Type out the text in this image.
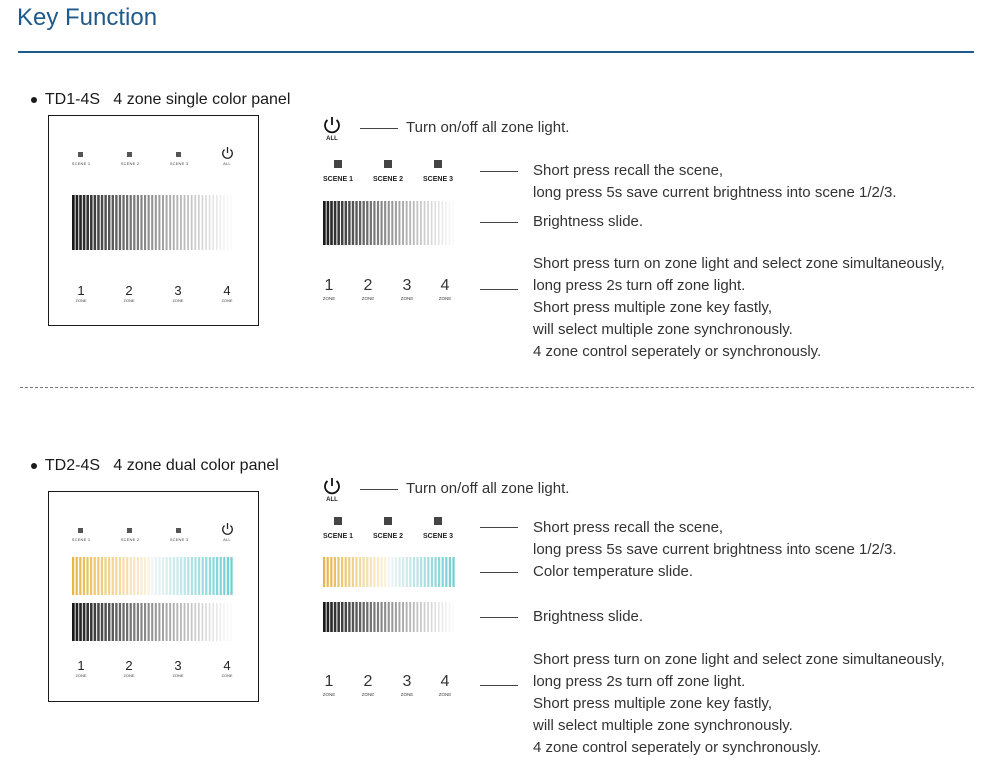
Key Function

TD1-4S 4 zone single color panel

SCENE 1	SCENE 2	SCENE 3	ALL
1	2	3	4
ZONE	ZONE	ZONE	ZONE
ALL
Turn on/off all zone light.
SCENE 1	SCENE 2	SCENE 3
Short press recall the scene,
long press 5s save current brightness into scene 1/2/3.
Brightness slide.
1	2	3	4
ZONE	ZONE	ZONE	ZONE
Short press turn on zone light and select zone simultaneously,
long press 2s turn off zone light.
Short press multiple zone key fastly,
will select multiple zone synchronously.
4 zone control seperately or synchronously.

TD2-4S 4 zone dual color panel

SCENE 1	SCENE 2	SCENE 3	ALL
1	2	3	4
ZONE	ZONE	ZONE	ZONE
ALL
Turn on/off all zone light.
SCENE 1	SCENE 2	SCENE 3
Short press recall the scene,
long press 5s save current brightness into scene 1/2/3.
Color temperature slide.
Brightness slide.
1	2	3	4
ZONE	ZONE	ZONE	ZONE
Short press turn on zone light and select zone simultaneously,
long press 2s turn off zone light.
Short press multiple zone key fastly,
will select multiple zone synchronously.
4 zone control seperately or synchronously.
